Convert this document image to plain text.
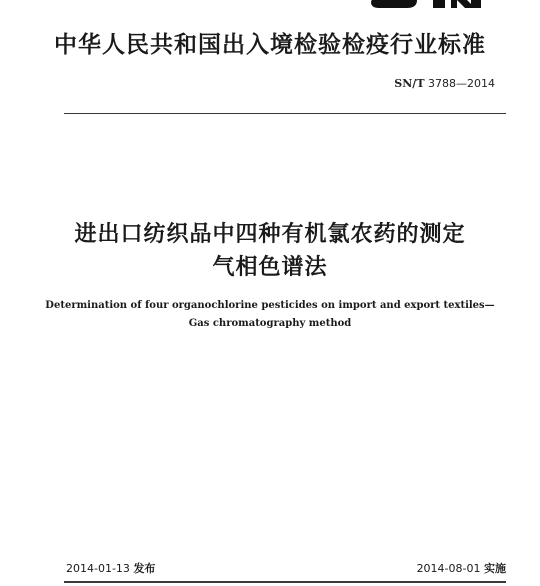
中华人民共和国出入境检验检疫行业标准
SN/T 3788—2014
进出口纺织品中四种有机氯农药的测定
气相色谱法
Determination of four organochlorine pesticides on import and export textiles—
Gas chromatography method
2014-01-13 发布	2014-08-01 实施
